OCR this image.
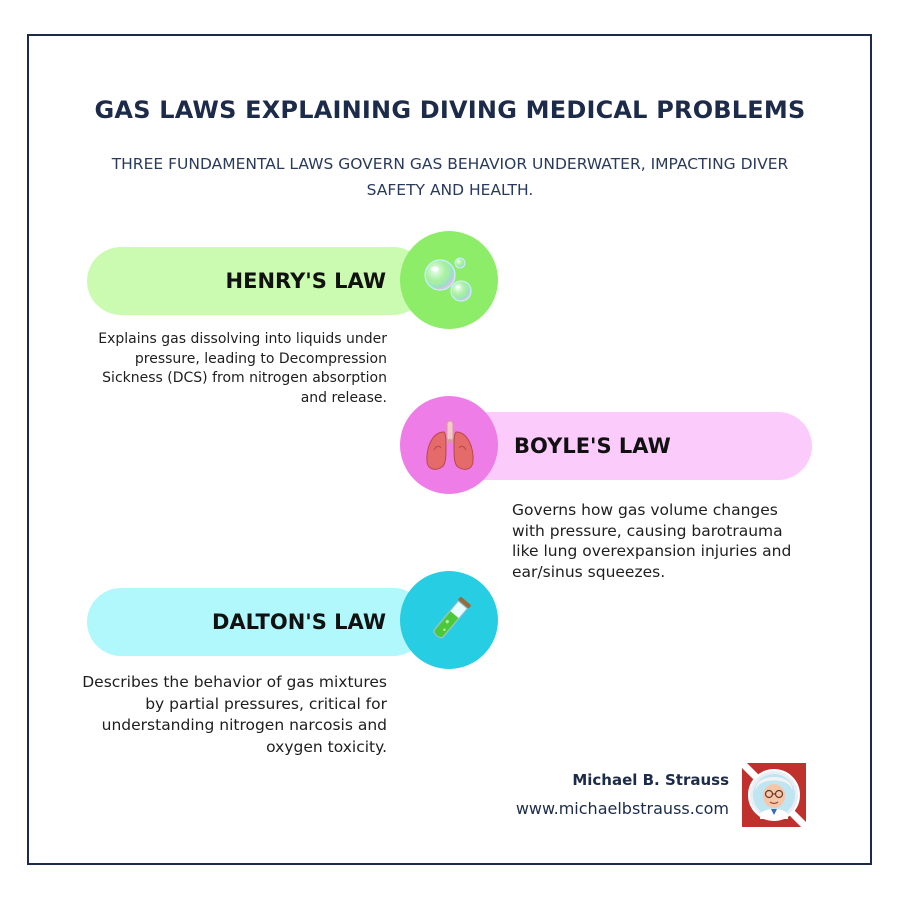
GAS LAWS EXPLAINING DIVING MEDICAL PROBLEMS
THREE FUNDAMENTAL LAWS GOVERN GAS BEHAVIOR UNDERWATER, IMPACTING DIVER SAFETY AND HEALTH.
HENRY'S LAW
Explains gas dissolving into liquids under pressure, leading to Decompression Sickness (DCS) from nitrogen absorption and release.
BOYLE'S LAW
Governs how gas volume changes with pressure, causing barotrauma like lung overexpansion injuries and ear/sinus squeezes.
DALTON'S LAW
Describes the behavior of gas mixtures by partial pressures, critical for understanding nitrogen narcosis and oxygen toxicity.
Michael B. Strauss
www.michaelbstrauss.com
